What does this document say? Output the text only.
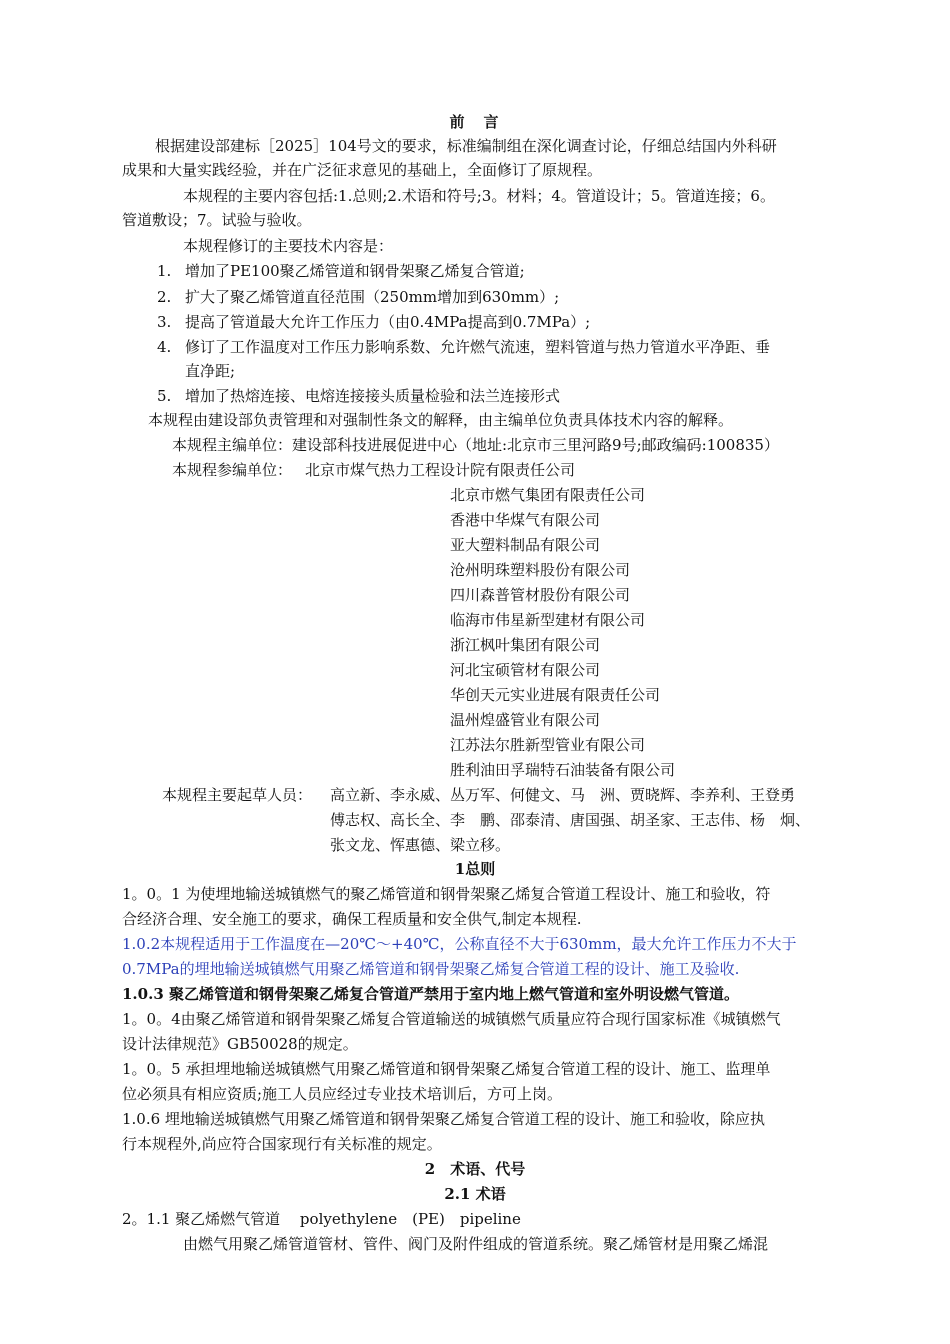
前　言
根据建设部建标［2025］104号文的要求，标准编制组在深化调查讨论，仔细总结国内外科研
成果和大量实践经验，并在广泛征求意见的基础上，全面修订了原规程。
本规程的主要内容包括:1.总则;2.术语和符号;3。材料；4。管道设计；5。管道连接；6。
管道敷设；7。试验与验收。
本规程修订的主要技术内容是：
1. 增加了PE100聚乙烯管道和钢骨架聚乙烯复合管道;
2. 扩大了聚乙烯管道直径范围（250mm增加到630mm）;
3. 提高了管道最大允许工作压力（由0.4MPa提高到0.7MPa）;
4. 修订了工作温度对工作压力影响系数、允许燃气流速，塑料管道与热力管道水平净距、垂
直净距;
5. 增加了热熔连接、电熔连接接头质量检验和法兰连接形式
本规程由建设部负责管理和对强制性条文的解释，由主编单位负责具体技术内容的解释。
本规程主编单位：建设部科技进展促进中心（地址:北京市三里河路9号;邮政编码:100835）
本规程参编单位： 北京市煤气热力工程设计院有限责任公司
北京市燃气集团有限责任公司
香港中华煤气有限公司
亚大塑料制品有限公司
沧州明珠塑料股份有限公司
四川森普管材股份有限公司
临海市伟星新型建材有限公司
浙江枫叶集团有限公司
河北宝硕管材有限公司
华创天元实业进展有限责任公司
温州煌盛管业有限公司
江苏法尔胜新型管业有限公司
胜利油田孚瑞特石油装备有限公司
本规程主要起草人员： 高立新、李永威、丛万军、何健文、马　洲、贾晓辉、李养利、王登勇
傅志权、高长全、李　鹏、邵泰清、唐国强、胡圣家、王志伟、杨　炯、
张文龙、恽惠德、梁立移。
1总则
1。0。1 为使埋地输送城镇燃气的聚乙烯管道和钢骨架聚乙烯复合管道工程设计、施工和验收，符
合经济合理、安全施工的要求，确保工程质量和安全供气,制定本规程.
1.0.2本规程适用于工作温度在—20℃～+40℃，公称直径不大于630mm，最大允许工作压力不大于
0.7MPa的埋地输送城镇燃气用聚乙烯管道和钢骨架聚乙烯复合管道工程的设计、施工及验收.
1.0.3 聚乙烯管道和钢骨架聚乙烯复合管道严禁用于室内地上燃气管道和室外明设燃气管道。
1。0。4由聚乙烯管道和钢骨架聚乙烯复合管道输送的城镇燃气质量应符合现行国家标准《城镇燃气
设计法律规范》GB50028的规定。
1。0。5 承担埋地输送城镇燃气用聚乙烯管道和钢骨架聚乙烯复合管道工程的设计、施工、监理单
位必须具有相应资质;施工人员应经过专业技术培训后，方可上岗。
1.0.6 埋地输送城镇燃气用聚乙烯管道和钢骨架聚乙烯复合管道工程的设计、施工和验收，除应执
行本规程外,尚应符合国家现行有关标准的规定。
2　术语、代号
2.1 术语
2。1.1 聚乙烯燃气管道　 polyethylene　(PE)　pipeline
由燃气用聚乙烯管道管材、管件、阀门及附件组成的管道系统。聚乙烯管材是用聚乙烯混
